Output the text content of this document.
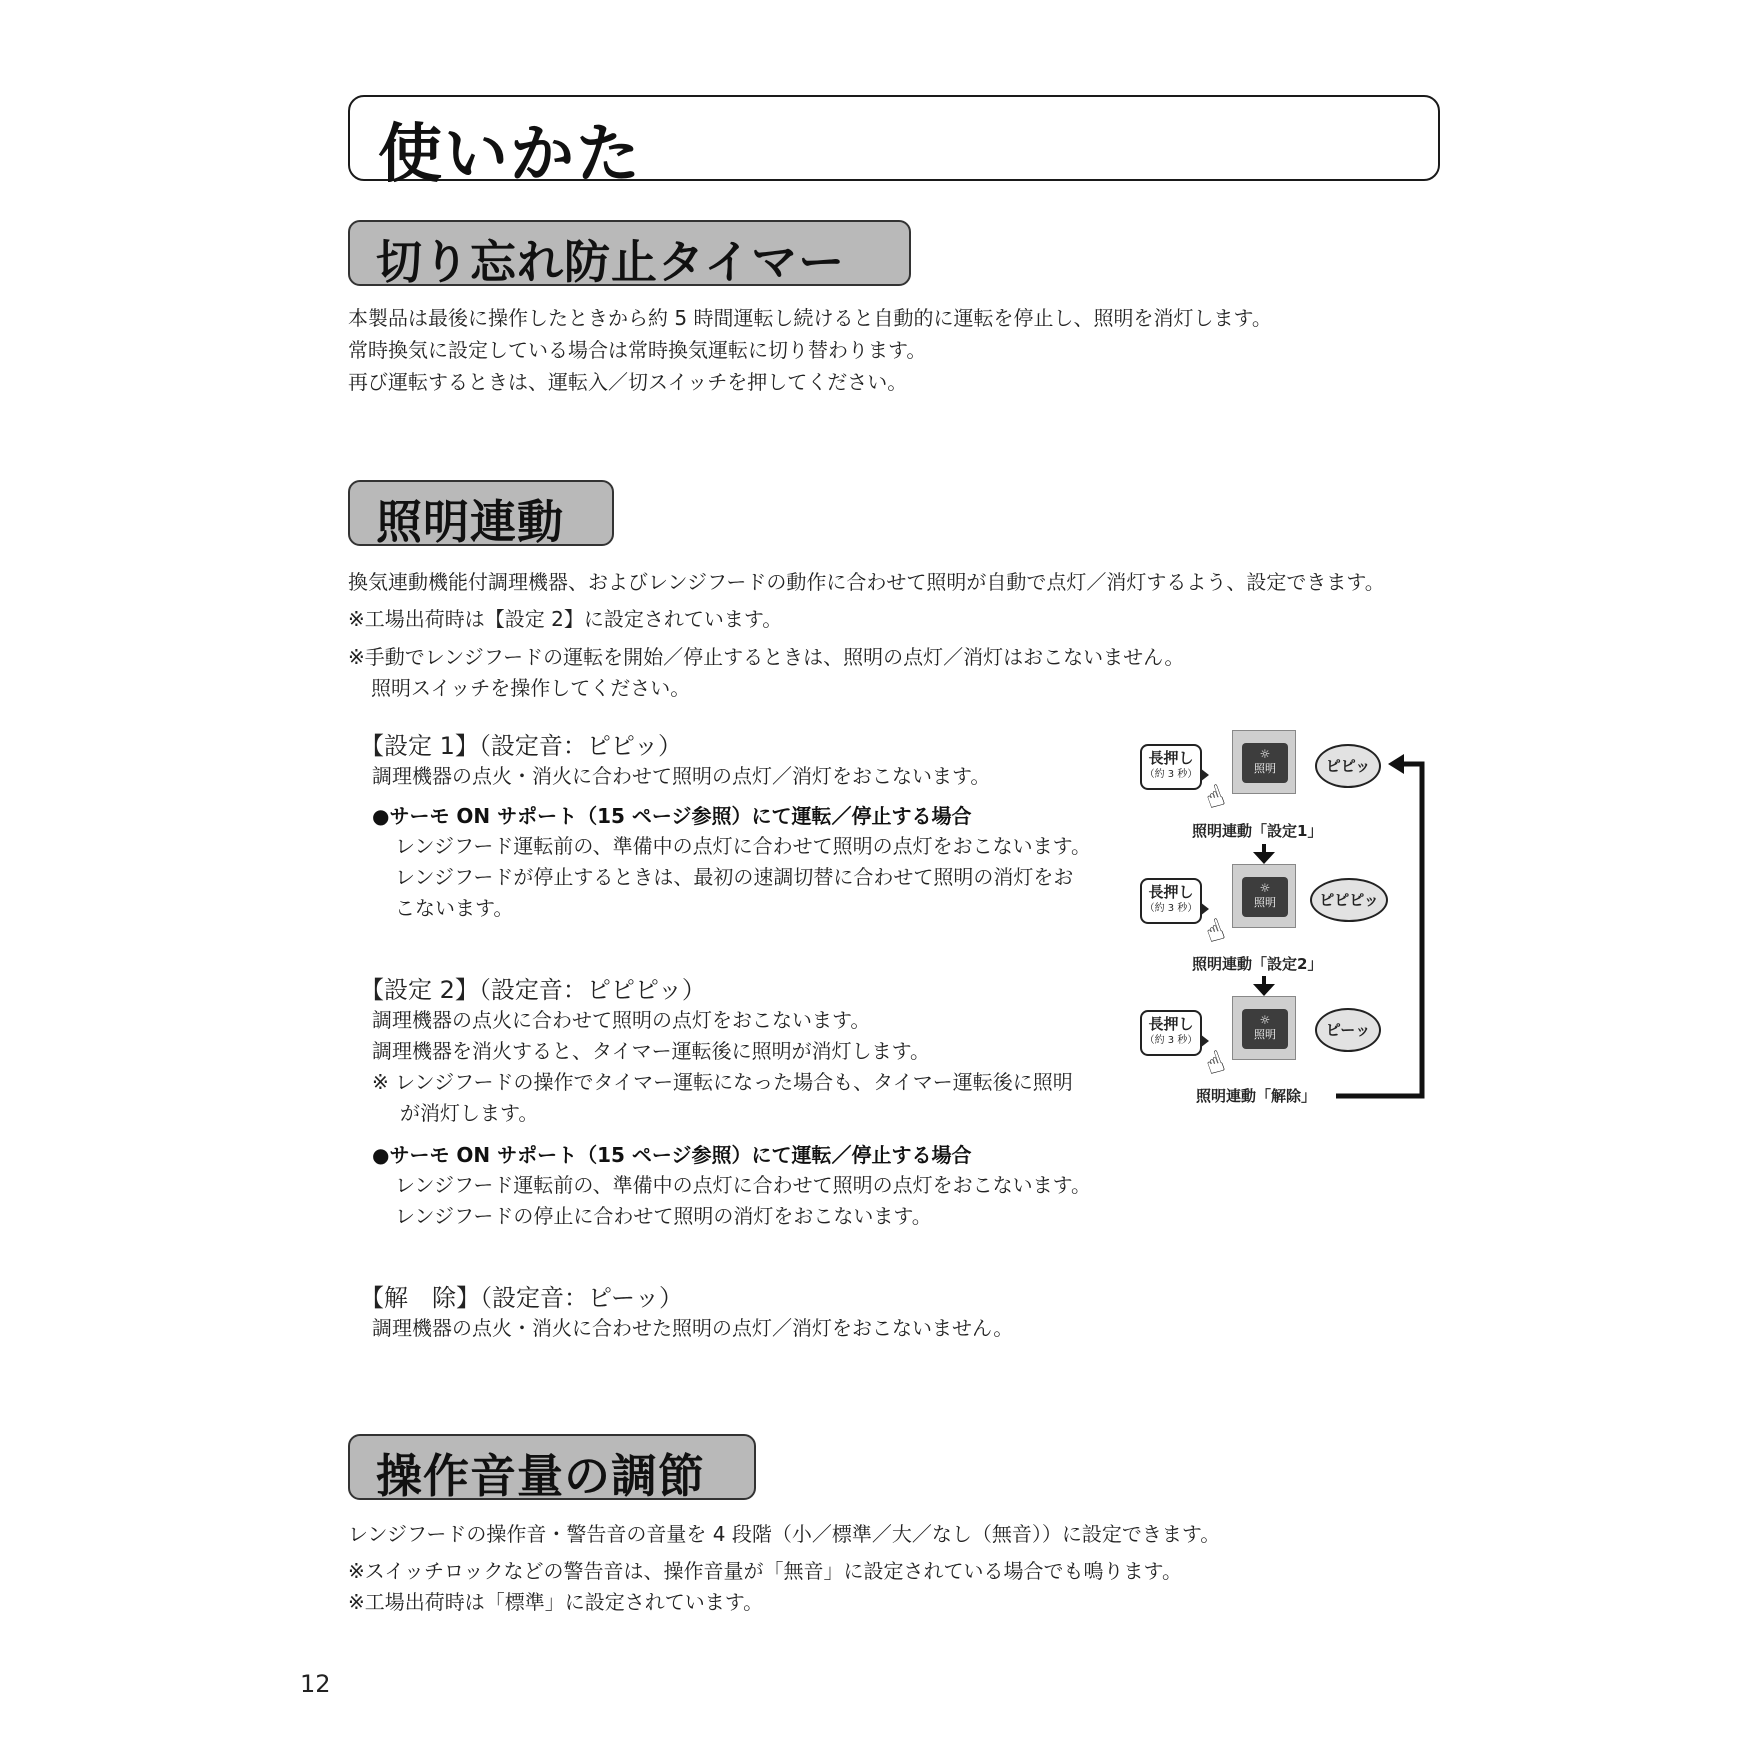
使いかた
切り忘れ防止タイマー
本製品は最後に操作したときから約 5 時間運転し続けると自動的に運転を停止し、照明を消灯します。
常時換気に設定している場合は常時換気運転に切り替わります。
再び運転するときは、運転入／切スイッチを押してください。
照明連動
換気連動機能付調理機器、およびレンジフードの動作に合わせて照明が自動で点灯／消灯するよう、設定できます。
※工場出荷時は【設定 2】に設定されています。
※手動でレンジフードの運転を開始／停止するときは、照明の点灯／消灯はおこないません。
照明スイッチを操作してください。
【設定 1】（設定音：ピピッ）
調理機器の点火・消火に合わせて照明の点灯／消灯をおこないます。
●サーモ ON サポート（15 ページ参照）にて運転／停止する場合
レンジフード運転前の、準備中の点灯に合わせて照明の点灯をおこないます。
レンジフードが停止するときは、最初の速調切替に合わせて照明の消灯をお
こないます。
【設定 2】（設定音：ピピピッ）
調理機器の点火に合わせて照明の点灯をおこないます。
調理機器を消火すると、タイマー運転後に照明が消灯します。
※ レンジフードの操作でタイマー運転になった場合も、タイマー運転後に照明
が消灯します。
●サーモ ON サポート（15 ページ参照）にて運転／停止する場合
レンジフード運転前の、準備中の点灯に合わせて照明の点灯をおこないます。
レンジフードの停止に合わせて照明の消灯をおこないます。
【解　除】（設定音：ピーッ）
調理機器の点火・消火に合わせた照明の点灯／消灯をおこないません。
長押し
（約 3 秒）
☼
照明
☝
ピピッ
照明連動「設定1」
長押し
（約 3 秒）
☼
照明
☝
ピピピッ
照明連動「設定2」
長押し
（約 3 秒）
☼
照明
☝
ピーッ
照明連動「解除」
操作音量の調節
レンジフードの操作音・警告音の音量を 4 段階（小／標準／大／なし（無音））に設定できます。
※スイッチロックなどの警告音は、操作音量が「無音」に設定されている場合でも鳴ります。
※工場出荷時は「標準」に設定されています。
12
